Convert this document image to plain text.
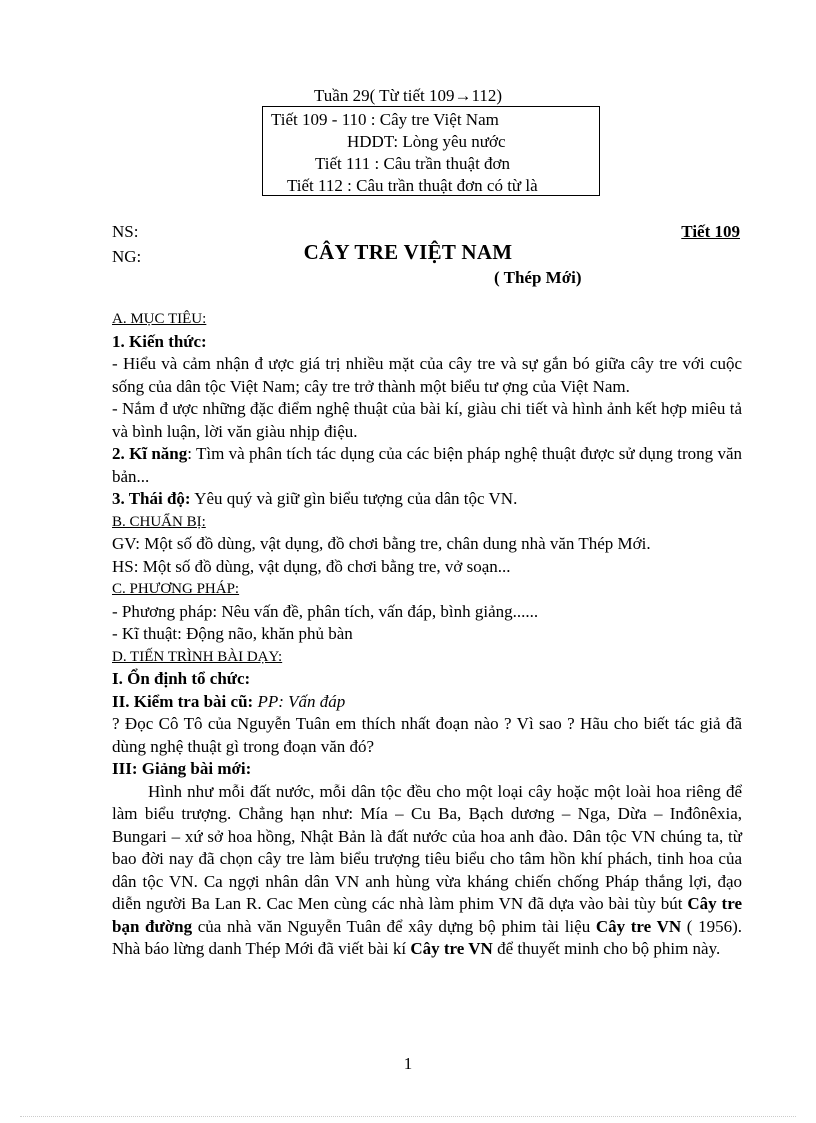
Tuần 29( Từ tiết 109→112)
Tiết 109 - 110 : Cây tre Việt Nam
HDDT: Lòng yêu nước
Tiết 111 : Câu trần thuật đơn
Tiết 112 : Câu trần thuật đơn có từ là
NS:
NG:
Tiết 109
CÂY TRE VIỆT NAM
( Thép Mới)

A. MỤC TIÊU:

1. Kiến thức:

- Hiểu và cảm nhận đ ược giá trị nhiều mặt của cây tre và sự gắn bó giữa cây tre với cuộc sống của dân tộc Việt Nam; cây tre trở thành một biểu tư ợng của Việt Nam.

- Nắm đ ược những đặc điểm nghệ thuật của bài kí, giàu chi tiết và hình ảnh kết hợp miêu tả và bình luận, lời văn giàu nhịp điệu.

2. Kĩ năng: Tìm và phân tích tác dụng của các biện pháp nghệ thuật được sử dụng trong văn bản...

3. Thái độ: Yêu quý và giữ gìn biểu tượng của dân tộc VN.

B. CHUẨN BỊ:

GV: Một số đồ dùng, vật dụng, đồ chơi bằng tre, chân dung nhà văn Thép Mới.

HS: Một số đồ dùng, vật dụng, đồ chơi bằng tre, vở soạn...

C. PHƯƠNG PHÁP:

- Phương pháp: Nêu vấn đề, phân tích, vấn đáp, bình giảng......

- Kĩ thuật: Động não, khăn phủ bàn

D. TIẾN TRÌNH BÀI DẠY:

I. Ổn định tổ chức:

II. Kiểm tra bài cũ: PP: Vấn đáp

? Đọc Cô Tô của Nguyễn Tuân em thích nhất đoạn nào ? Vì sao ? Hãu cho biết tác giả đã dùng nghệ thuật gì trong đoạn văn đó?

III: Giảng bài mới:

Hình như mỗi đất nước, mỗi dân tộc đều cho một loại cây hoặc một loài hoa riêng để làm biểu trượng. Chẳng hạn như: Mía – Cu Ba, Bạch dương – Nga, Dừa – Inđônêxia, Bungari – xứ sở hoa hồng, Nhật Bản là đất nước của hoa anh đào. Dân tộc VN chúng ta, từ bao đời nay đã chọn cây tre làm biểu trượng tiêu biểu cho tâm hồn khí phách, tinh hoa của dân tộc VN. Ca ngợi nhân dân VN anh hùng vừa kháng chiến chống Pháp thắng lợi, đạo diễn người Ba Lan R. Cac Men cùng các nhà làm phim VN đã dựa vào bài tùy bút Cây tre bạn đường của nhà văn Nguyễn Tuân để xây dựng bộ phim tài liệu Cây tre VN ( 1956). Nhà báo lừng danh Thép Mới đã viết bài kí Cây tre VN để thuyết minh cho bộ phim này.

1
